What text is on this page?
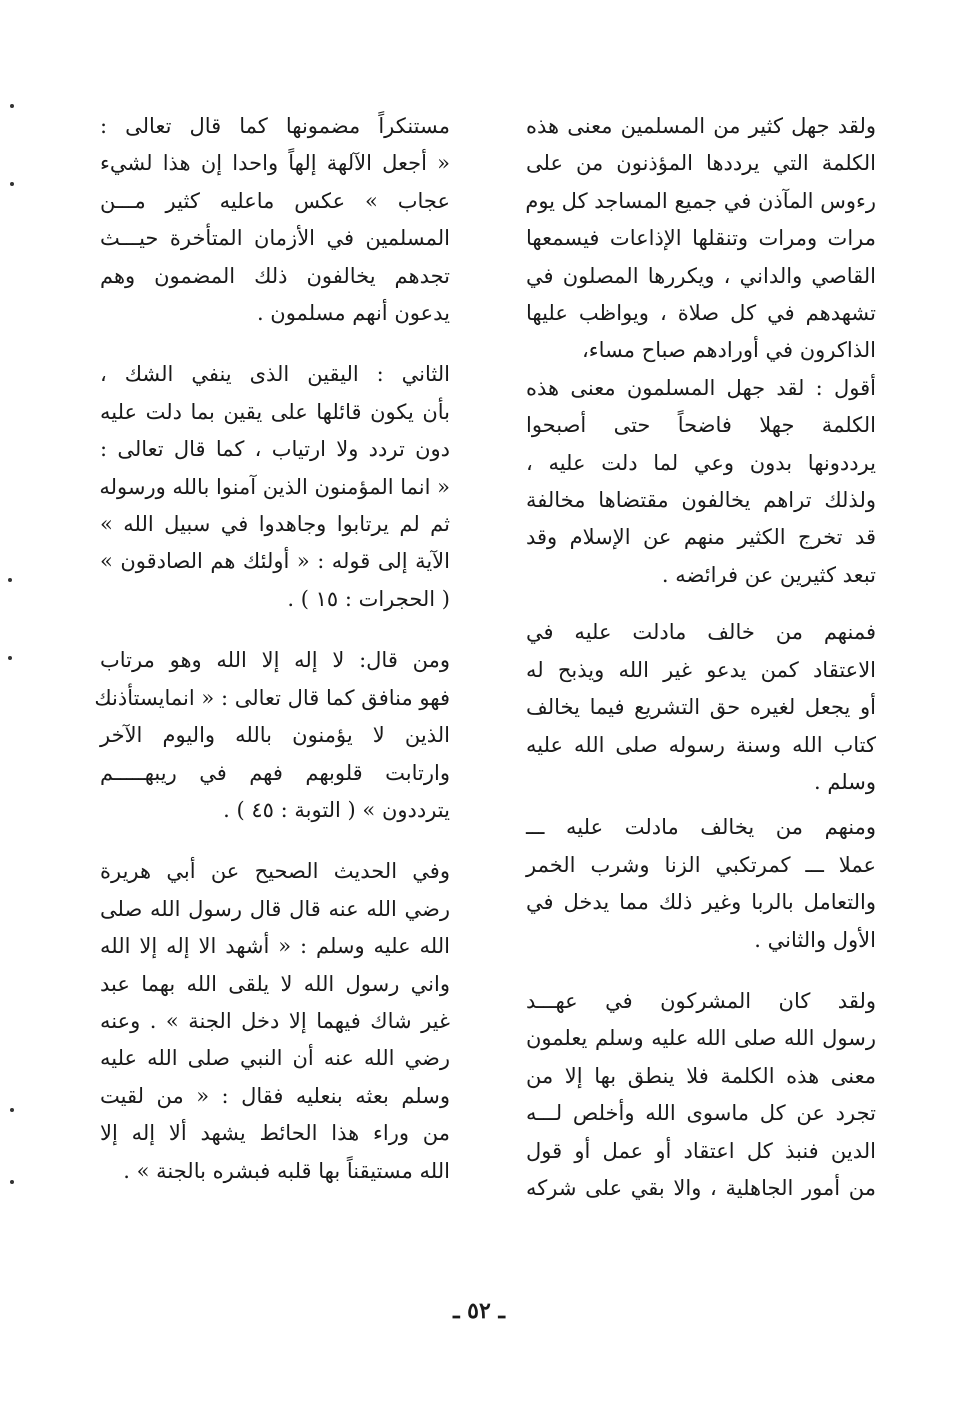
ولقد جهل كثير من المسلمين معنى هذه
الكلمة التي يرددها المؤذنون من على
رءوس المآذن في جميع المساجد كل يوم
مرات ومرات وتنقلها الإذاعات فيسمعها
القاصي والداني ، ويكررها المصلون في
تشهدهم في كل صلاة ، ويواظب عليها
الذاكرون في أورادهم صباح مساء،
أقول : لقد جهل المسلمون معنى هذه
الكلمة جهلا فاضحاً حتى أصبحوا
يرددونها بدون وعي لما دلت عليه ،
ولذلك تراهم يخالفون مقتضاها مخالفة
قد تخرج الكثير منهم عن الإسلام وقد
تبعد كثيرين عن فرائضه .
فمنهم من خالف مادلت عليه في
الاعتقاد كمن يدعو غير الله ويذبح له
أو يجعل لغيره حق التشريع فيما يخالف
كتاب الله وسنة رسوله صلى الله عليه
وسلم .
ومنهم من يخالف مادلت عليه ـــ
عملا ـــ كمرتكبي الزنا وشرب الخمر
والتعامل بالربا وغير ذلك مما يدخل في
الأول والثاني .
ولقد كان المشركون في عهـــد
رسول الله صلى الله عليه وسلم يعلمون
معنى هذه الكلمة فلا ينطق بها إلا من
تجرد عن كل ماسوى الله وأخلص لـــه
الدين فنبذ كل اعتقاد أو عمل أو قول
من أمور الجاهلية ، والا بقي على شركه
مستنكراً مضمونها كما قال تعالى :
« أجعل الآلهة إلهاً واحدا إن هذا لشيء
عجاب » عكس ماعليه كثير مـــن
المسلمين في الأزمان المتأخرة حيـــث
تجدهم يخالفون ذلك المضمون وهم
يدعون أنهم مسلمون .
الثاني : اليقين الذى ينفي الشك ،
بأن يكون قائلها على يقين بما دلت عليه
دون تردد ولا ارتياب ، كما قال تعالى :
« انما المؤمنون الذين آمنوا بالله ورسوله
ثم لم يرتابوا وجاهدوا في سبيل الله »
الآية إلى قوله : « أولئك هم الصادقون »
( الحجرات : ١٥ ) .
ومن قال: لا إله إلا الله وهو مرتاب
فهو منافق كما قال تعالى : « انمايستأذنك
الذين لا يؤمنون بالله واليوم الآخر
وارتابت قلوبهم فهم في ريبهـــــم
يترددون » ( التوبة : ٤٥ ) .
وفي الحديث الصحيح عن أبي هريرة
رضي الله عنه قال قال رسول الله صلى
الله عليه وسلم : « أشهد الا إله إلا الله
واني رسول الله لا يلقى الله بهما عبد
غير شاك فيهما إلا دخل الجنة » . وعنه
رضي الله عنه أن النبي صلى الله عليه
وسلم بعثه بنعليه فقال : « من لقيت
من وراء هذا الحائط يشهد ألا إله إلا
الله مستيقناً بها قلبه فبشره بالجنة » .
ـ ٥٢ ـ
